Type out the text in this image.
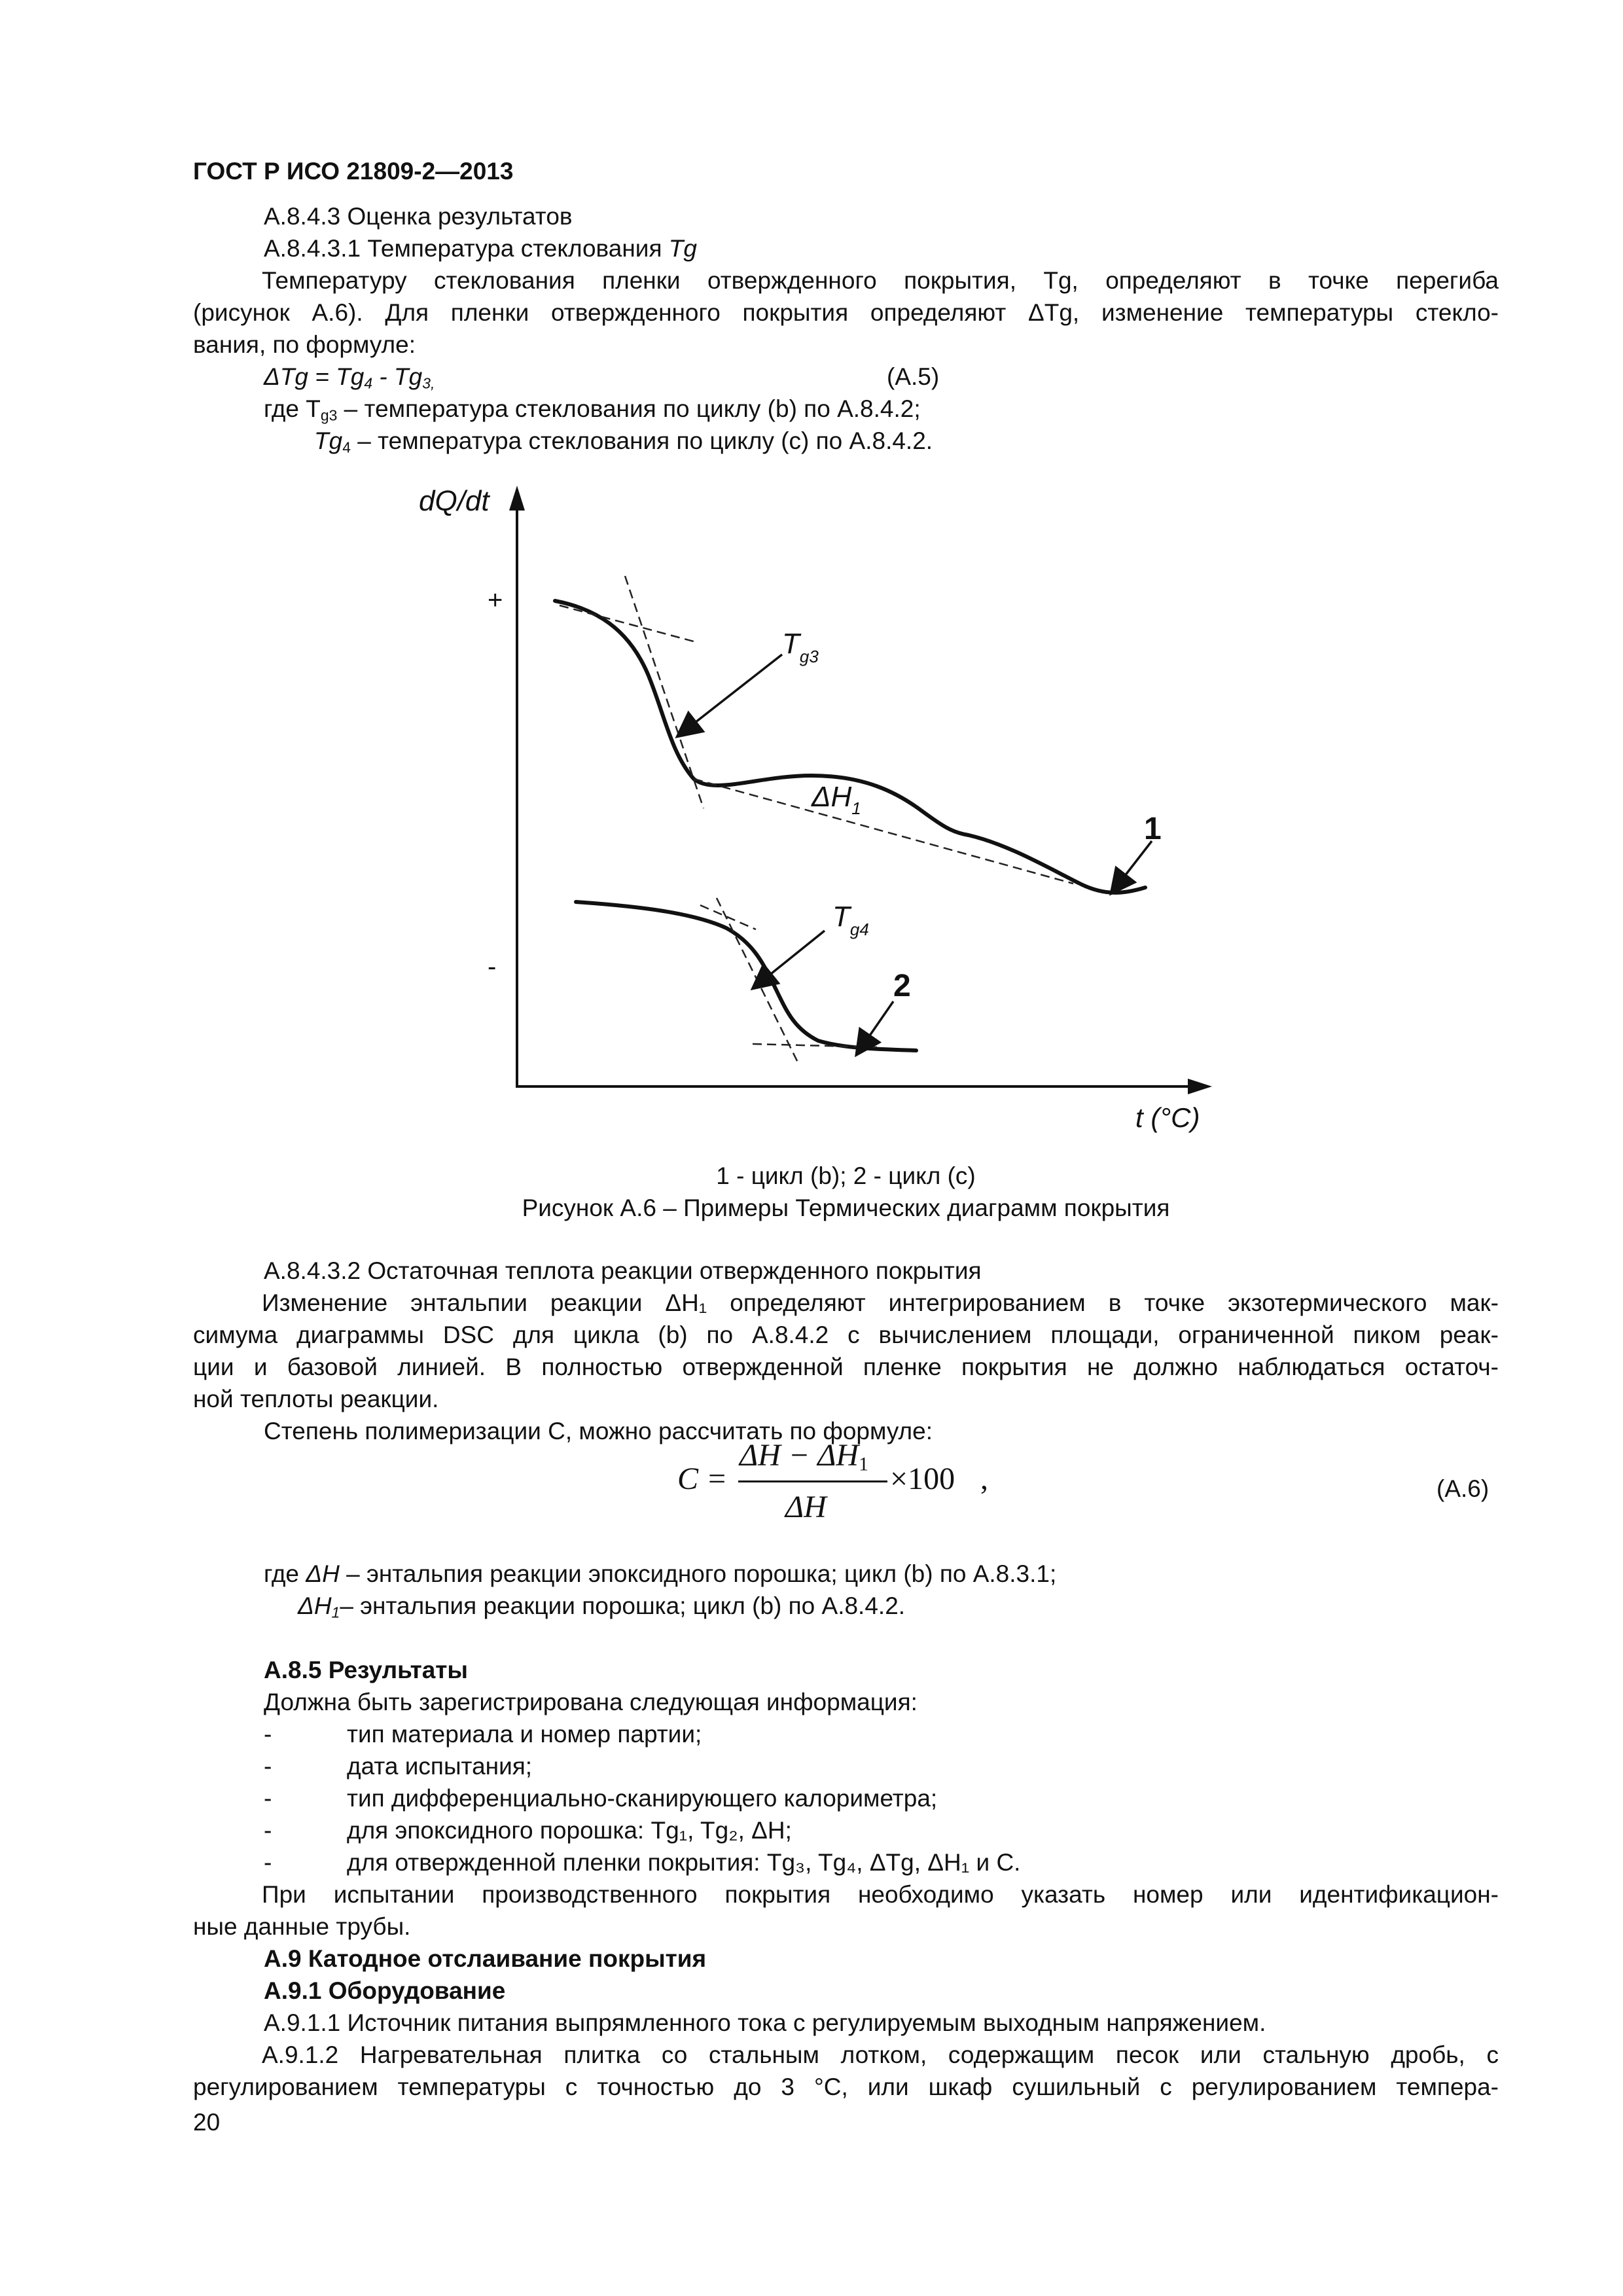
ГОСТ Р ИСО 21809-2—2013
А.8.4.3 Оценка результатов
А.8.4.3.1 Температура стеклования Tg
Температуру стеклования пленки отвержденного покрытия, Tg, определяют в точке перегиба
(рисунок А.6). Для пленки отвержденного покрытия определяют ΔTg, изменение температуры стекло-
вания, по формуле:
$\Delta Tg = Tg_4 - Tg_{3,}$	(А.5)
где $T_{g3}$ – температура стеклования по циклу (b) по А.8.4.2;
$Tg_4$ – температура стеклования по циклу (с) по А.8.4.2.
dQ/dt
+
-
t (°C)
$T_{g3}$
$\Delta H_1$
1
$T_{g4}$
2
1 - цикл (b); 2 - цикл (с)
Рисунок А.6 – Примеры Термических диаграмм покрытия
А.8.4.3.2 Остаточная теплота реакции отвержденного покрытия
Изменение энтальпии реакции ΔH₁ определяют интегрированием в точке экзотермического мак-
симума диаграммы DSC для цикла (b) по А.8.4.2 с вычислением площади, ограниченной пиком реак-
ции и базовой линией. В полностью отвержденной пленке покрытия не должно наблюдаться остаточ-
ной теплоты реакции.
Степень полимеризации С, можно рассчитать по формуле:
C =
$\Delta H - \Delta H_1$
ΔH
×100 ,	(А.6)
где ΔH – энтальпия реакции эпоксидного порошка; цикл (b) по А.8.3.1;
$\Delta H_1-$ энтальпия реакции порошка; цикл (b) по А.8.4.2.
А.8.5 Результаты
Должна быть зарегистрирована следующая информация:
-	тип материала и номер партии;
-	дата испытания;
-	тип дифференциально-сканирующего калориметра;
-	для эпоксидного порошка: Tg₁, Tg₂, ΔH;
-	для отвержденной пленки покрытия: Tg₃, Tg₄, ΔTg, ΔH₁ и С.
При испытании производственного покрытия необходимо указать номер или идентификацион-
ные данные трубы.
А.9 Катодное отслаивание покрытия
А.9.1 Оборудование
А.9.1.1 Источник питания выпрямленного тока с регулируемым выходным напряжением.
А.9.1.2 Нагревательная плитка со стальным лотком, содержащим песок или стальную дробь, с
регулированием температуры с точностью до 3 °С, или шкаф сушильный с регулированием темпера-
20
